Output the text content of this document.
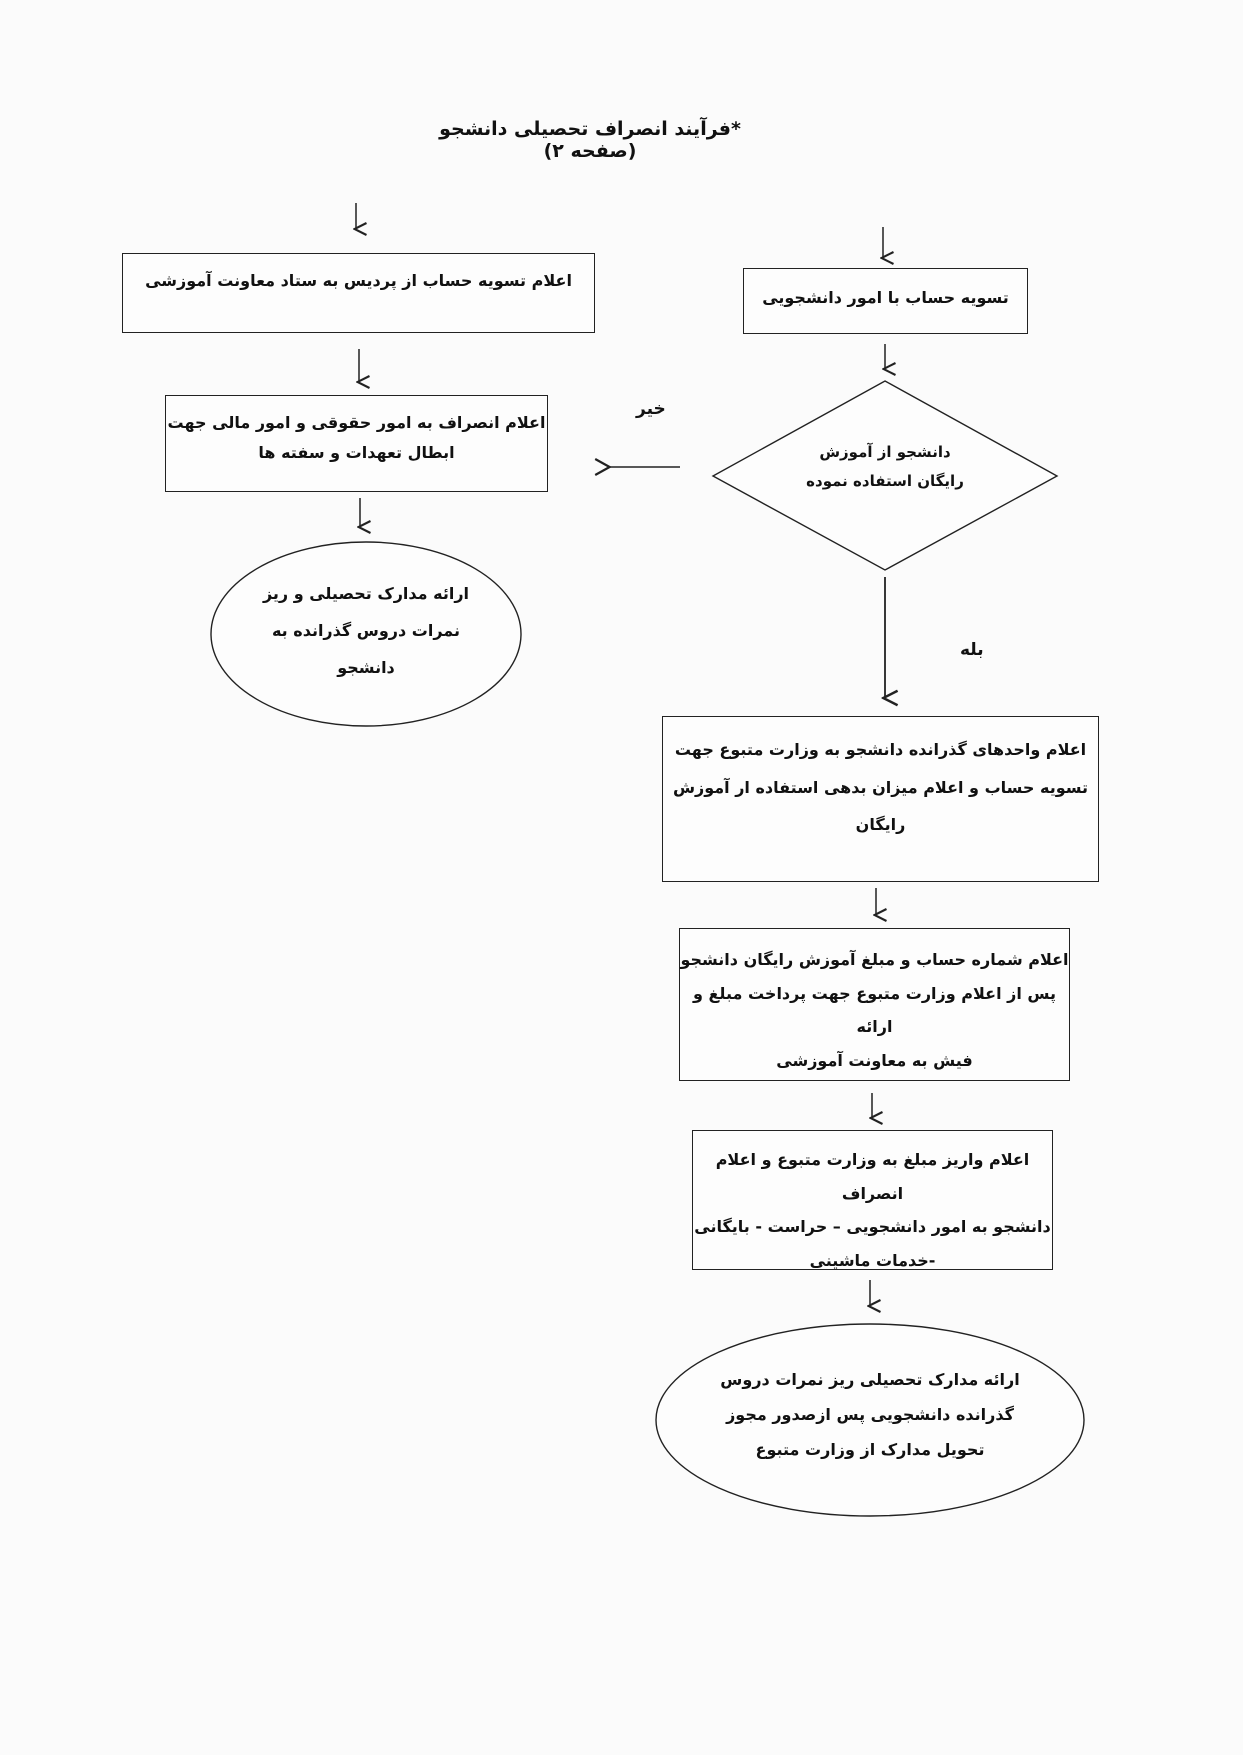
*فرآیند انصراف تحصیلی دانشجو (صفحه ۲)
اعلام تسویه حساب از پردیس به ستاد معاونت آموزشی
اعلام انصراف به امور حقوقی و امور مالی جهت
ابطال تعهدات و سفته ها
ارائه مدارک تحصیلی و ریز
نمرات دروس گذرانده به
دانشجو
تسویه حساب با امور دانشجویی
دانشجو از آموزش
رایگان استفاده نموده
خیر
بله
اعلام واحدهای گذرانده دانشجو به وزارت متبوع جهت
تسویه حساب و اعلام میزان بدهی استفاده ار آموزش
رایگان
اعلام شماره حساب و مبلغ آموزش رایگان دانشجو
پس از اعلام وزارت متبوع جهت پرداخت مبلغ و ارائه
فیش به معاونت آموزشی
اعلام واریز مبلغ به وزارت متبوع و اعلام انصراف
دانشجو به امور دانشجویی – حراست - بایگانی
-خدمات ماشینی
ارائه مدارک تحصیلی ریز نمرات دروس
گذرانده دانشجویی پس ازصدور مجوز
تحویل مدارک از وزارت متبوع
